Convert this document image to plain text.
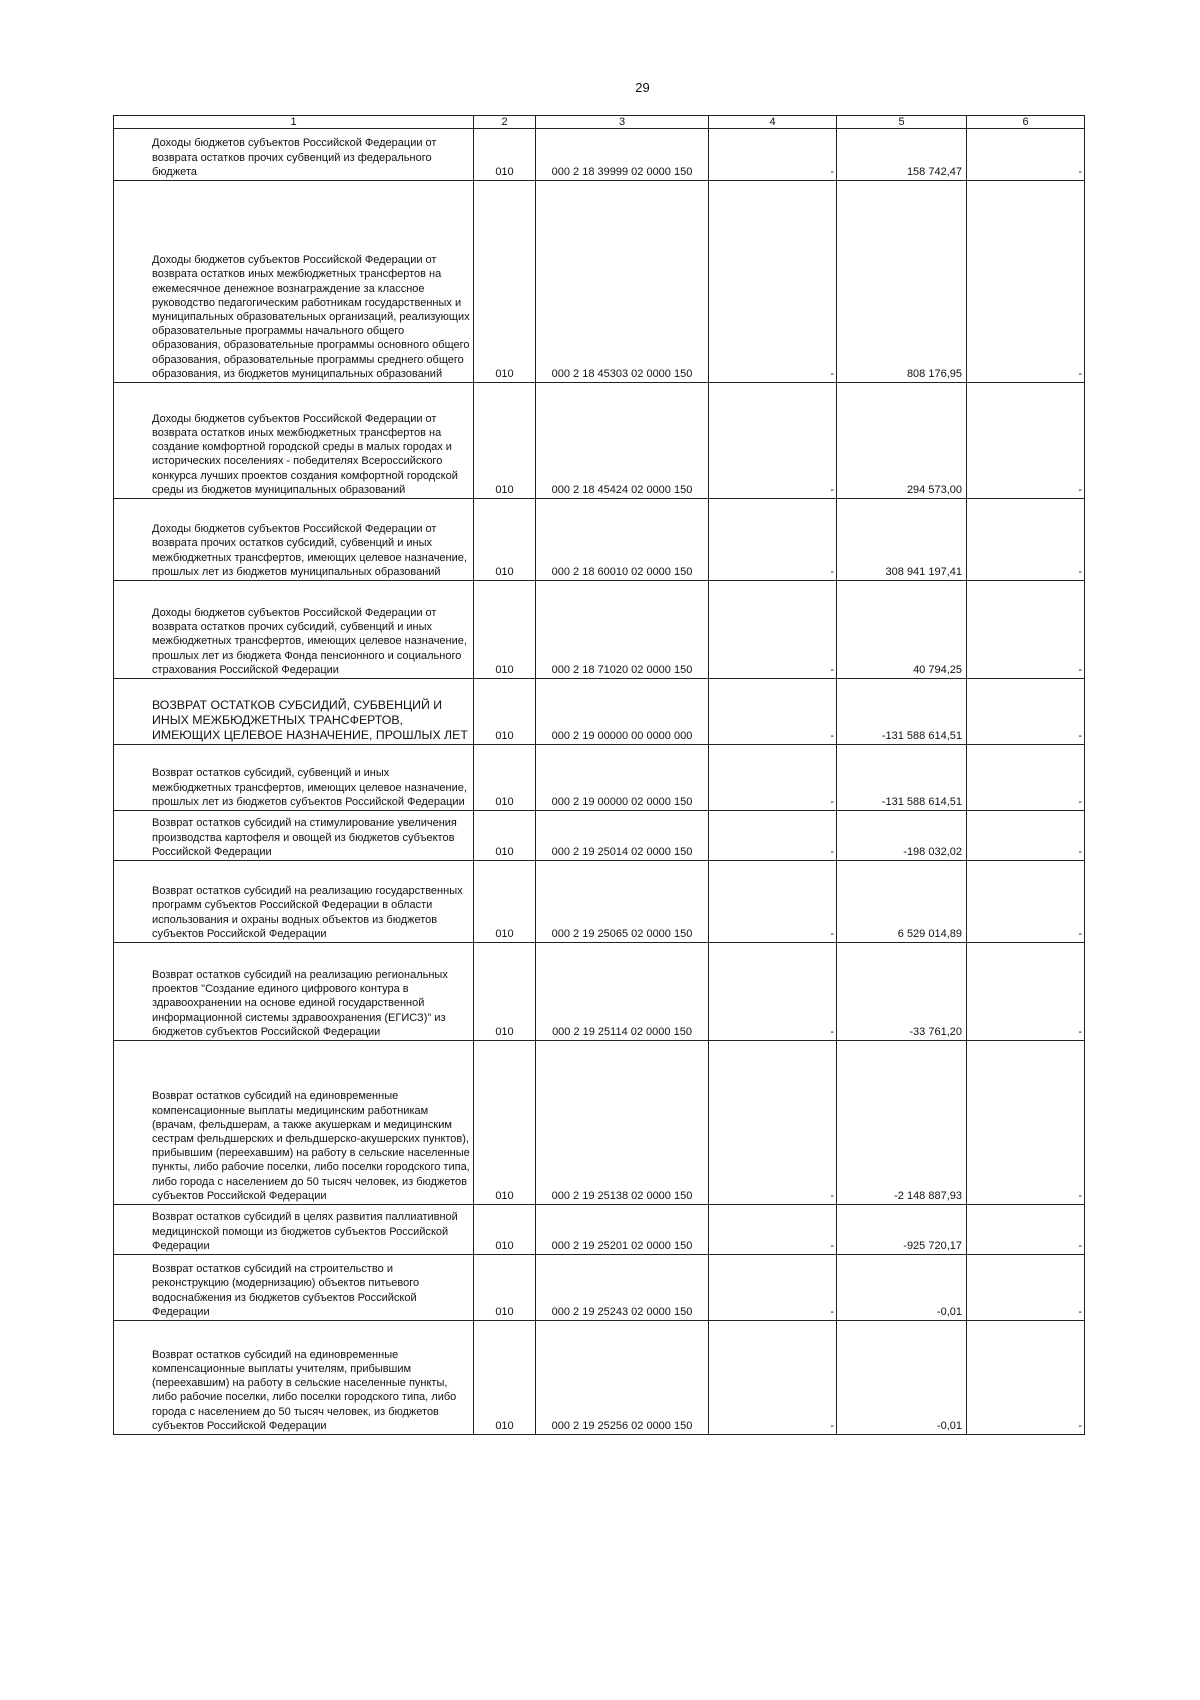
29
1	2	3	4	5	6
Доходы бюджетов субъектов Российской Федерации от возврата остатков прочих субвенций из федерального бюджета	010	000 2 18 39999 02 0000 150	-	158 742,47	-
Доходы бюджетов субъектов Российской Федерации от возврата остатков иных межбюджетных трансфертов на ежемесячное денежное вознаграждение за классное руководство педагогическим работникам государственных и муниципальных образовательных организаций, реализующих образовательные программы начального общего образования, образовательные программы основного общего образования, образовательные программы среднего общего образования, из бюджетов муниципальных образований	010	000 2 18 45303 02 0000 150	-	808 176,95	-
Доходы бюджетов субъектов Российской Федерации от возврата остатков иных межбюджетных трансфертов на создание комфортной городской среды в малых городах и исторических поселениях - победителях Всероссийского конкурса лучших проектов создания комфортной городской среды из бюджетов муниципальных образований	010	000 2 18 45424 02 0000 150	-	294 573,00	-
Доходы бюджетов субъектов Российской Федерации от возврата прочих остатков субсидий, субвенций и иных межбюджетных трансфертов, имеющих целевое назначение, прошлых лет из бюджетов муниципальных образований	010	000 2 18 60010 02 0000 150	-	308 941 197,41	-
Доходы бюджетов субъектов Российской Федерации от возврата остатков прочих субсидий, субвенций и иных межбюджетных трансфертов, имеющих целевое назначение, прошлых лет из бюджета Фонда пенсионного и социального страхования Российской Федерации	010	000 2 18 71020 02 0000 150	-	40 794,25	-
ВОЗВРАТ ОСТАТКОВ СУБСИДИЙ, СУБВЕНЦИЙ И ИНЫХ МЕЖБЮДЖЕТНЫХ ТРАНСФЕРТОВ, ИМЕЮЩИХ ЦЕЛЕВОЕ НАЗНАЧЕНИЕ, ПРОШЛЫХ ЛЕТ	010	000 2 19 00000 00 0000 000	-	-131 588 614,51	-
Возврат остатков субсидий, субвенций и иных межбюджетных трансфертов, имеющих целевое назначение, прошлых лет из бюджетов субъектов Российской Федерации	010	000 2 19 00000 02 0000 150	-	-131 588 614,51	-
Возврат остатков субсидий на стимулирование увеличения производства картофеля и овощей из бюджетов субъектов Российской Федерации	010	000 2 19 25014 02 0000 150	-	-198 032,02	-
Возврат остатков субсидий на реализацию государственных программ субъектов Российской Федерации в области использования и охраны водных объектов из бюджетов субъектов Российской Федерации	010	000 2 19 25065 02 0000 150	-	6 529 014,89	-
Возврат остатков субсидий на реализацию региональных проектов "Создание единого цифрового контура в здравоохранении на основе единой государственной информационной системы здравоохранения (ЕГИСЗ)" из бюджетов субъектов Российской Федерации	010	000 2 19 25114 02 0000 150	-	-33 761,20	-
Возврат остатков субсидий на единовременные компенсационные выплаты медицинским работникам (врачам, фельдшерам, а также акушеркам и медицинским сестрам фельдшерских и фельдшерско-акушерских пунктов), прибывшим (переехавшим) на работу в сельские населенные пункты, либо рабочие поселки, либо поселки городского типа, либо города с населением до 50 тысяч человек, из бюджетов субъектов Российской Федерации	010	000 2 19 25138 02 0000 150	-	-2 148 887,93	-
Возврат остатков субсидий в целях развития паллиативной медицинской помощи из бюджетов субъектов Российской Федерации	010	000 2 19 25201 02 0000 150	-	-925 720,17	-
Возврат остатков субсидий на строительство и реконструкцию (модернизацию) объектов питьевого водоснабжения из бюджетов субъектов Российской Федерации	010	000 2 19 25243 02 0000 150	-	-0,01	-
Возврат остатков субсидий на единовременные компенсационные выплаты учителям, прибывшим (переехавшим) на работу в сельские населенные пункты, либо рабочие поселки, либо поселки городского типа, либо города с населением до 50 тысяч человек, из бюджетов субъектов Российской Федерации	010	000 2 19 25256 02 0000 150	-	-0,01	-
